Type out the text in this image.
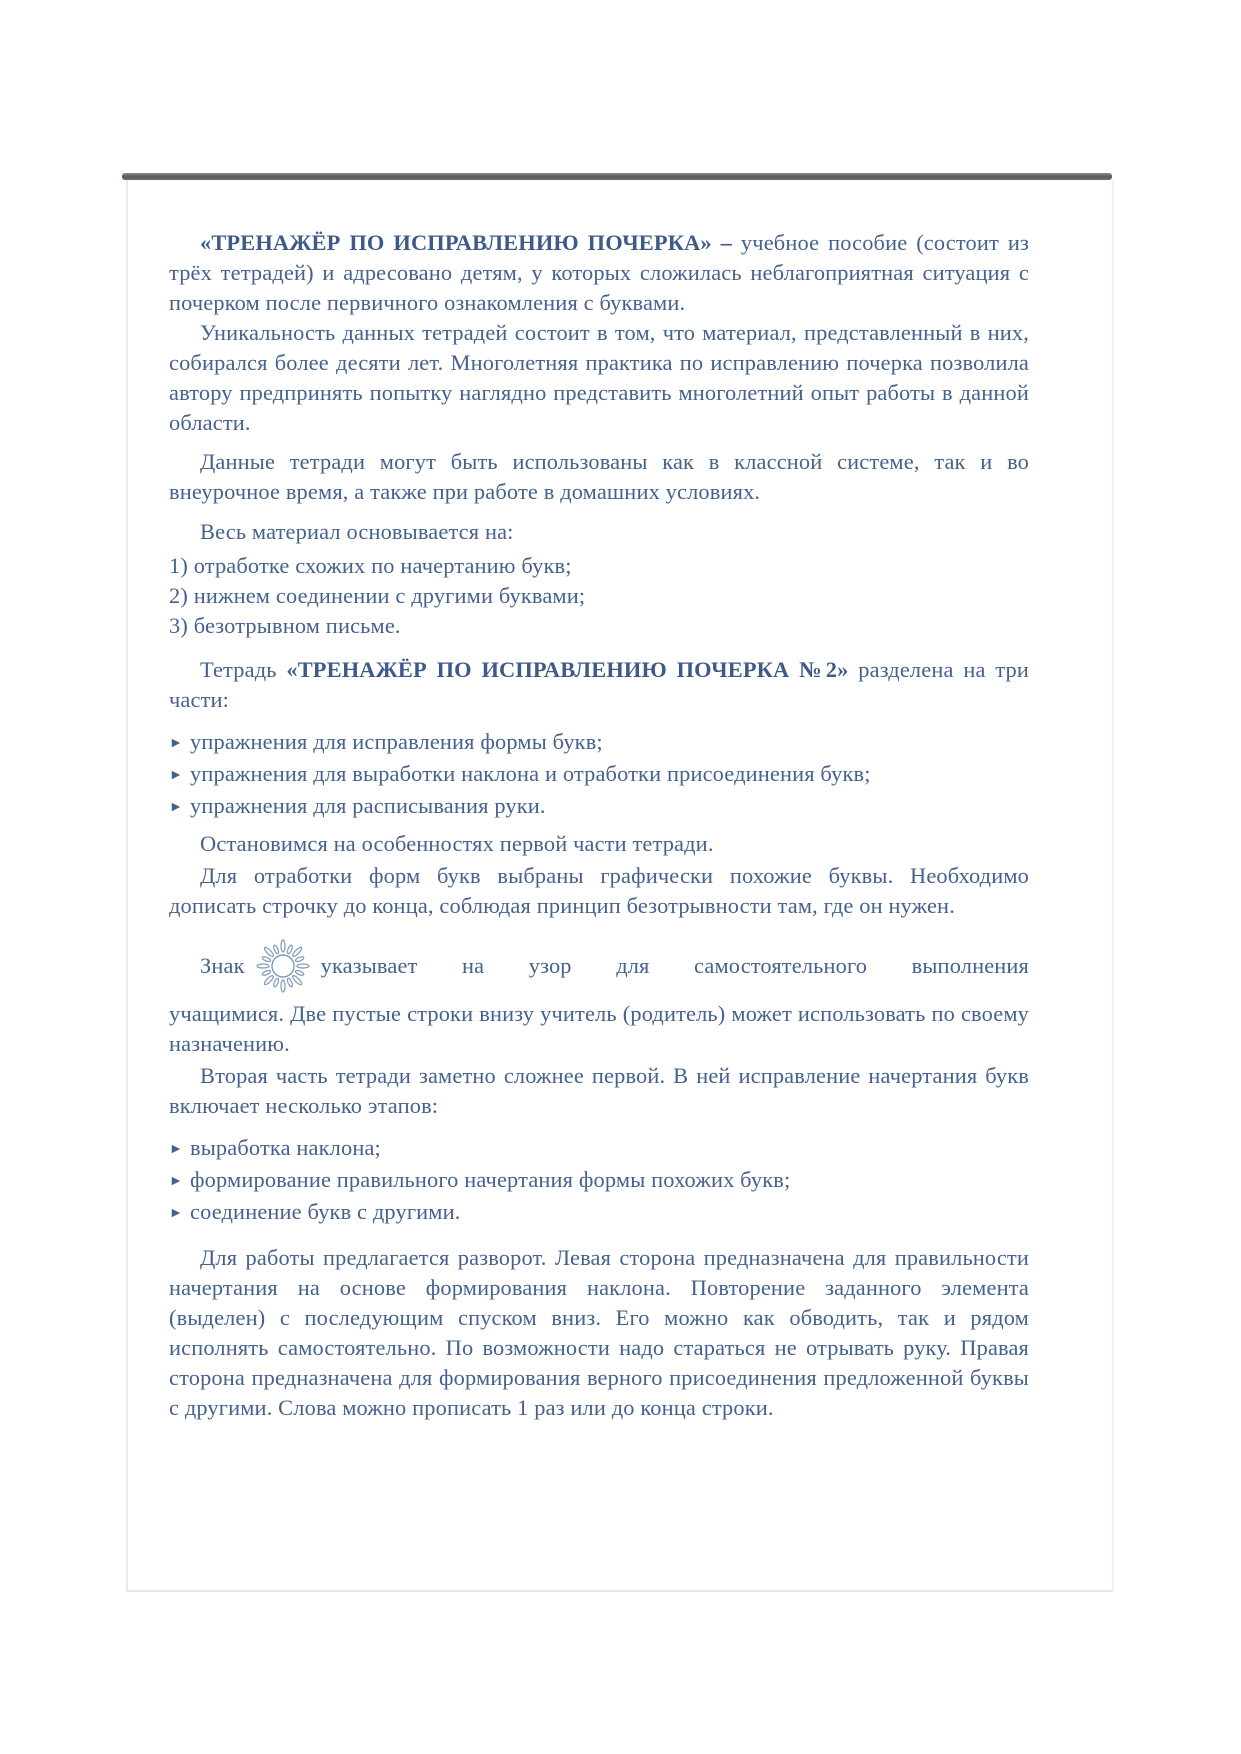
«ТРЕНАЖЁР ПО ИСПРАВЛЕНИЮ ПОЧЕРКА» – учебное пособие (состоит из трёх тетрадей) и адресовано детям, у которых сложилась неблагоприятная ситуация с почерком после первичного ознакомления с буквами.

Уникальность данных тетрадей состоит в том, что материал, представленный в них, собирался более десяти лет. Многолетняя практика по исправлению почерка позволила автору предпринять попытку наглядно представить многолетний опыт работы в данной области.

Данные тетради могут быть использованы как в классной системе, так и во внеурочное время, а также при работе в домашних условиях.

Весь материал основывается на:

1) отработке схожих по начертанию букв;

2) нижнем соединении с другими буквами;

3) безотрывном письме.

Тетрадь «ТРЕНАЖЁР ПО ИСПРАВЛЕНИЮ ПОЧЕРКА №2» разделена на три части:

► упражнения для исправления формы букв;

► упражнения для выработки наклона и отработки присоединения букв;

► упражнения для расписывания руки.

Остановимся на особенностях первой части тетради.

Для отработки форм букв выбраны графически похожие буквы. Необходимо дописать строчку до конца, соблюдая принцип безотрывности там, где он нужен.

Знак	указывает на узор для самостоятельного выполнения

учащимися. Две пустые строки внизу учитель (родитель) может использовать по своему назначению.

Вторая часть тетради заметно сложнее первой. В ней исправление начертания букв включает несколько этапов:

► выработка наклона;

► формирование правильного начертания формы похожих букв;

► соединение букв с другими.

Для работы предлагается разворот. Левая сторона предназначена для правильности начертания на основе формирования наклона. Повторение заданного элемента (выделен) с последующим спуском вниз. Его можно как обводить, так и рядом исполнять самостоятельно. По возможности надо стараться не отрывать руку. Правая сторона предназначена для формирования верного присоединения предложенной буквы с другими. Слова можно прописать 1 раз или до конца строки.
